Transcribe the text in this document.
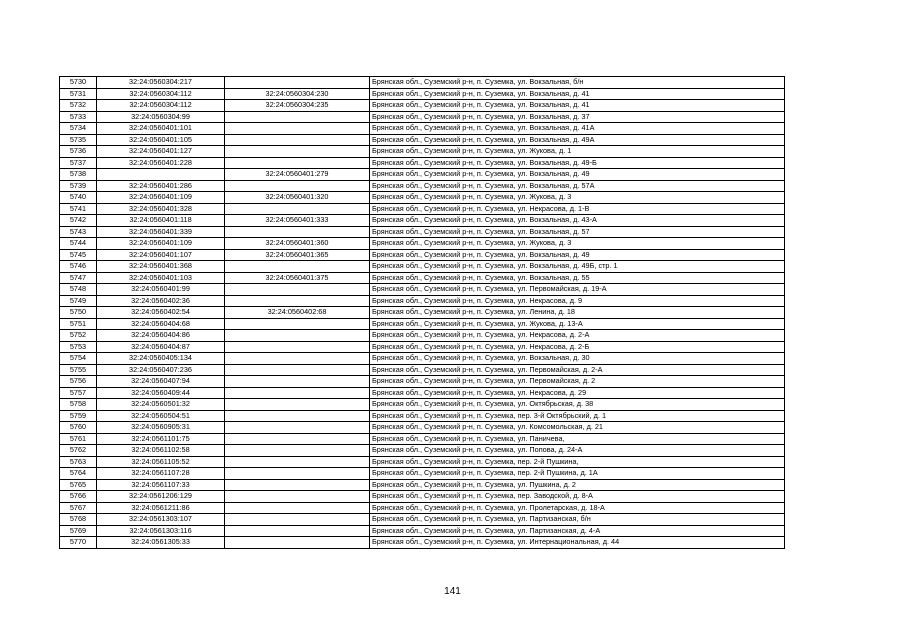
5730	32:24:0560304:217		Брянская обл., Суземский р-н, п. Суземка, ул. Вокзальная, б/н
5731	32:24:0560304:112	32:24:0560304:230	Брянская обл., Суземский р-н, п. Суземка, ул. Вокзальная, д. 41
5732	32:24:0560304:112	32:24:0560304:235	Брянская обл., Суземский р-н, п. Суземка, ул. Вокзальная, д. 41
5733	32:24:0560304:99		Брянская обл., Суземский р-н, п. Суземка, ул. Вокзальная, д. 37
5734	32:24:0560401:101		Брянская обл., Суземский р-н, п. Суземка, ул. Вокзальная, д. 41А
5735	32:24:0560401:105		Брянская обл., Суземский р-н, п. Суземка, ул. Вокзальная, д. 49А
5736	32:24:0560401:127		Брянская обл., Суземский р-н, п. Суземка, ул. Жукова, д. 1
5737	32:24:0560401:228		Брянская обл., Суземский р-н, п. Суземка, ул. Вокзальная, д. 49-Б
5738		32:24:0560401:279	Брянская обл., Суземский р-н, п. Суземка, ул. Вокзальная, д. 49
5739	32:24:0560401:286		Брянская обл., Суземский р-н, п. Суземка, ул. Вокзальная, д. 57А
5740	32:24:0560401:109	32:24:0560401:320	Брянская обл., Суземский р-н, п. Суземка, ул. Жукова, д. 3
5741	32:24:0560401:328		Брянская обл., Суземский р-н, п. Суземка, ул. Некрасова, д. 1-В
5742	32:24:0560401:118	32:24:0560401:333	Брянская обл., Суземский р-н, п. Суземка, ул. Вокзальная, д. 43-А
5743	32:24:0560401:339		Брянская обл., Суземский р-н, п. Суземка, ул. Вокзальная, д. 57
5744	32:24:0560401:109	32:24:0560401:360	Брянская обл., Суземский р-н, п. Суземка, ул. Жукова, д. 3
5745	32:24:0560401:107	32:24:0560401:365	Брянская обл., Суземский р-н, п. Суземка, ул. Вокзальная, д. 49
5746	32:24:0560401:368		Брянская обл., Суземский р-н, п. Суземка, ул. Вокзальная, д. 49Б, стр. 1
5747	32:24:0560401:103	32:24:0560401:375	Брянская обл., Суземский р-н, п. Суземка, ул. Вокзальная, д. 55
5748	32:24:0560401:99		Брянская обл., Суземский р-н, п. Суземка, ул. Первомайская, д. 19-А
5749	32:24:0560402:36		Брянская обл., Суземский р-н, п. Суземка, ул. Некрасова, д. 9
5750	32:24:0560402:54	32:24:0560402:68	Брянская обл., Суземский р-н, п. Суземка, ул. Ленина, д. 18
5751	32:24:0560404:68		Брянская обл., Суземский р-н, п. Суземка, ул. Жукова, д. 13-А
5752	32:24:0560404:86		Брянская обл., Суземский р-н, п. Суземка, ул. Некрасова, д. 2-А
5753	32:24:0560404:87		Брянская обл., Суземский р-н, п. Суземка, ул. Некрасова, д. 2-Б
5754	32:24:0560405:134		Брянская обл., Суземский р-н, п. Суземка, ул. Вокзальная, д. 30
5755	32:24:0560407:236		Брянская обл., Суземский р-н, п. Суземка, ул. Первомайская, д. 2-А
5756	32:24:0560407:94		Брянская обл., Суземский р-н, п. Суземка, ул. Первомайская, д. 2
5757	32:24:0560409:44		Брянская обл., Суземский р-н, п. Суземка, ул. Некрасова, д. 29
5758	32:24:0560501:32		Брянская обл., Суземский р-н, п. Суземка, ул. Октябрьская, д. 38
5759	32:24:0560504:51		Брянская обл., Суземский р-н, п. Суземка, пер. 3-й Октябрьский, д. 1
5760	32:24:0560905:31		Брянская обл., Суземский р-н, п. Суземка, ул. Комсомольская, д. 21
5761	32:24:0561101:75		Брянская обл., Суземский р-н, п. Суземка, ул. Паничева,
5762	32:24:0561102:58		Брянская обл., Суземский р-н, п. Суземка, ул. Попова, д. 24-А
5763	32:24:0561105:52		Брянская обл., Суземский р-н, п. Суземка, пер. 2-й Пушкина,
5764	32:24:0561107:28		Брянская обл., Суземский р-н, п. Суземка, пер. 2-й Пушкина, д. 1А
5765	32:24:0561107:33		Брянская обл., Суземский р-н, п. Суземка, ул. Пушкина, д. 2
5766	32:24:0561206:129		Брянская обл., Суземский р-н, п. Суземка, пер. Заводской, д. 8-А
5767	32:24:0561211:86		Брянская обл., Суземский р-н, п. Суземка, ул. Пролетарская, д. 18-А
5768	32:24:0561303:107		Брянская обл., Суземский р-н, п. Суземка, ул. Партизанская, б/н
5769	32:24:0561303:116		Брянская обл., Суземский р-н, п. Суземка, ул. Партизанская, д. 4-А
5770	32:24:0561305:33		Брянская обл., Суземский р-н, п. Суземка, ул. Интернациональная, д. 44
141
